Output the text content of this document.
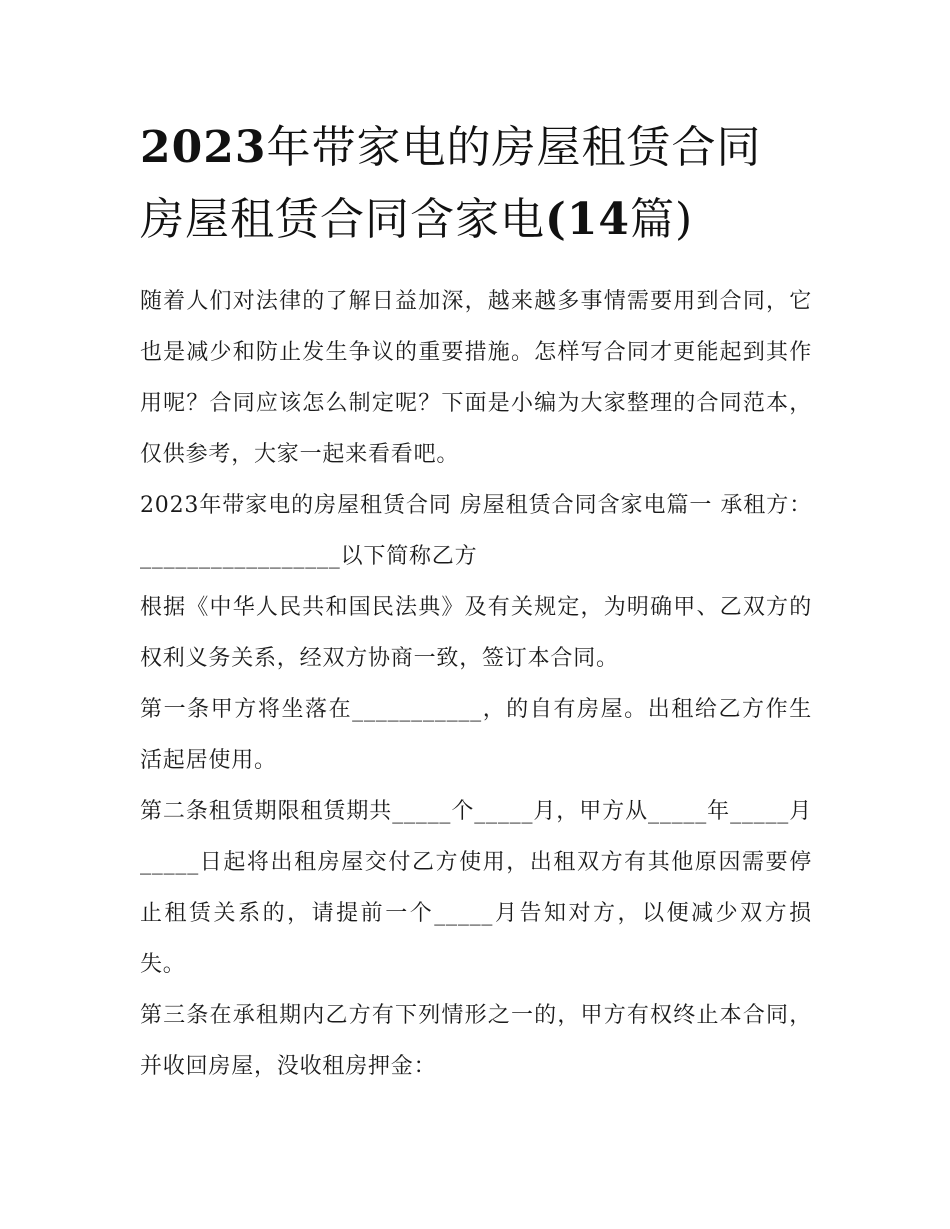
2023年带家电的房屋租赁合同
房屋租赁合同含家电(14篇)

随着人们对法律的了解日益加深，越来越多事情需要用到合同，它也是减少和防止发生争议的重要措施。怎样写合同才更能起到其作用呢？合同应该怎么制定呢？下面是小编为大家整理的合同范本，仅供参考，大家一起来看看吧。

2023年带家电的房屋租赁合同 房屋租赁合同含家电篇一 承租方：_________________以下简称乙方

根据《中华人民共和国民法典》及有关规定，为明确甲、乙双方的权利义务关系，经双方协商一致，签订本合同。

第一条甲方将坐落在___________，的自有房屋。出租给乙方作生活起居使用。

第二条租赁期限租赁期共_____个_____月，甲方从_____年_____月_____日起将出租房屋交付乙方使用，出租双方有其他原因需要停止租赁关系的，请提前一个_____月告知对方，以便减少双方损失。

第三条在承租期内乙方有下列情形之一的，甲方有权终止本合同，并收回房屋，没收租房押金：
